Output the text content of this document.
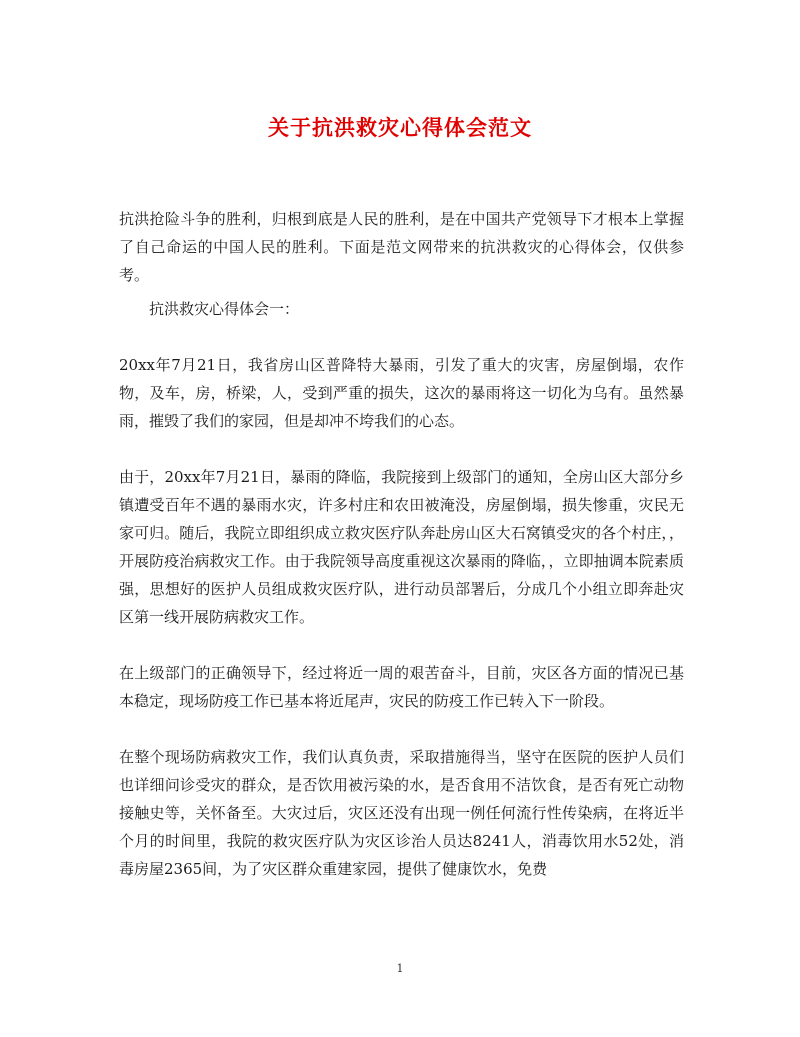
关于抗洪救灾心得体会范文

抗洪抢险斗争的胜利，归根到底是人民的胜利，是在中国共产党领导下才根本上掌握了自己命运的中国人民的胜利。下面是范文网带来的抗洪救灾的心得体会，仅供参考。

抗洪救灾心得体会一：

20xx年7月21日，我省房山区普降特大暴雨，引发了重大的灾害，房屋倒塌，农作物，及车，房，桥梁，人，受到严重的损失，这次的暴雨将这一切化为乌有。虽然暴雨，摧毁了我们的家园，但是却冲不垮我们的心态。

由于，20xx年7月21日，暴雨的降临，我院接到上级部门的通知，全房山区大部分乡镇遭受百年不遇的暴雨水灾，许多村庄和农田被淹没，房屋倒塌，损失惨重，灾民无家可归。随后，我院立即组织成立救灾医疗队奔赴房山区大石窝镇受灾的各个村庄，，开展防疫治病救灾工作。由于我院领导高度重视这次暴雨的降临，，立即抽调本院素质强，思想好的医护人员组成救灾医疗队，进行动员部署后，分成几个小组立即奔赴灾区第一线开展防病救灾工作。

在上级部门的正确领导下，经过将近一周的艰苦奋斗，目前，灾区各方面的情况已基本稳定，现场防疫工作已基本将近尾声，灾民的防疫工作已转入下一阶段。

在整个现场防病救灾工作，我们认真负责，采取措施得当，坚守在医院的医护人员们也详细问诊受灾的群众，是否饮用被污染的水，是否食用不洁饮食，是否有死亡动物接触史等，关怀备至。大灾过后，灾区还没有出现一例任何流行性传染病，在将近半个月的时间里，我院的救灾医疗队为灾区诊治人员达8241人，消毒饮用水52处，消毒房屋2365间，为了灾区群众重建家园，提供了健康饮水，免费

1
